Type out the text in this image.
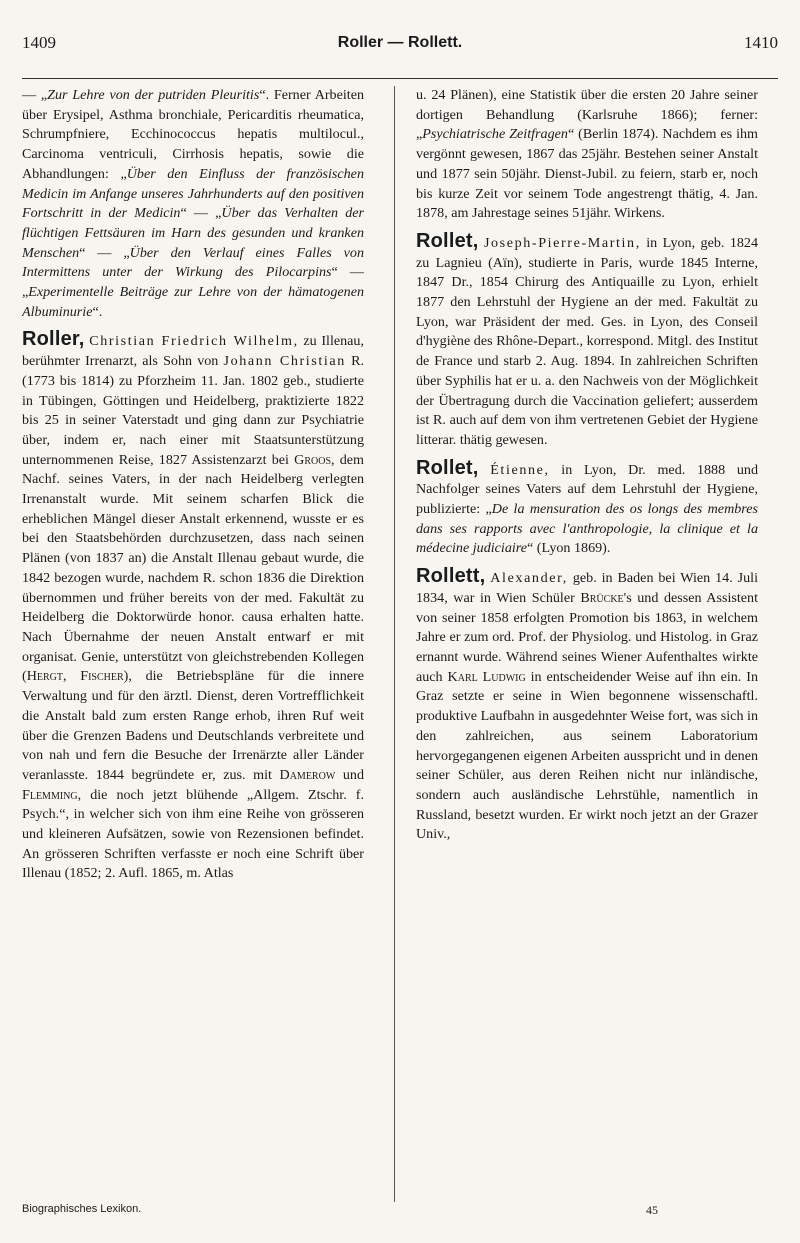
1409	Roller — Rollett.	1410

— „Zur Lehre von der putriden Pleuritis“. Ferner Arbeiten über Erysipel, Asthma bronchiale, Pericarditis rheumatica, Schrumpfniere, Ecchinococcus hepatis multilocul., Carcinoma ventriculi, Cirrhosis hepatis, sowie die Abhandlungen: „Über den Einfluss der französischen Medicin im Anfange unseres Jahrhunderts auf den positiven Fortschritt in der Medicin“ — „Über das Verhalten der flüchtigen Fettsäuren im Harn des gesunden und kranken Menschen“ — „Über den Verlauf eines Falles von Intermittens unter der Wirkung des Pilocarpins“ — „Experimentelle Beiträge zur Lehre von der hämatogenen Albuminurie“.

Roller, Christian Friedrich Wilhelm, zu Illenau, berühmter Irrenarzt, als Sohn von Johann Christian R. (1773 bis 1814) zu Pforzheim 11. Jan. 1802 geb., studierte in Tübingen, Göttingen und Heidelberg, praktizierte 1822 bis 25 in seiner Vaterstadt und ging dann zur Psychiatrie über, indem er, nach einer mit Staatsunterstützung unternommenen Reise, 1827 Assistenzarzt bei Groos, dem Nachf. seines Vaters, in der nach Heidelberg verlegten Irrenanstalt wurde. Mit seinem scharfen Blick die erheblichen Mängel dieser Anstalt erkennend, wusste er es bei den Staatsbehörden durchzusetzen, dass nach seinen Plänen (von 1837 an) die Anstalt Illenau gebaut wurde, die 1842 bezogen wurde, nachdem R. schon 1836 die Direktion übernommen und früher bereits von der med. Fakultät zu Heidelberg die Doktorwürde honor. causa erhalten hatte. Nach Übernahme der neuen Anstalt entwarf er mit organisat. Genie, unterstützt von gleichstrebenden Kollegen (Hergt, Fischer), die Betriebspläne für die innere Verwaltung und für den ärztl. Dienst, deren Vortrefflichkeit die Anstalt bald zum ersten Range erhob, ihren Ruf weit über die Grenzen Badens und Deutschlands verbreitete und von nah und fern die Besuche der Irrenärzte aller Länder veranlasste. 1844 begründete er, zus. mit Damerow und Flemming, die noch jetzt blühende „Allgem. Ztschr. f. Psych.“, in welcher sich von ihm eine Reihe von grösseren und kleineren Aufsätzen, sowie von Rezensionen befindet. An grösseren Schriften verfasste er noch eine Schrift über Illenau (1852; 2. Aufl. 1865, m. Atlas

u. 24 Plänen), eine Statistik über die ersten 20 Jahre seiner dortigen Behandlung (Karlsruhe 1866); ferner: „Psychiatrische Zeitfragen“ (Berlin 1874). Nachdem es ihm vergönnt gewesen, 1867 das 25jähr. Bestehen seiner Anstalt und 1877 sein 50jähr. Dienst-Jubil. zu feiern, starb er, noch bis kurze Zeit vor seinem Tode angestrengt thätig, 4. Jan. 1878, am Jahrestage seines 51jähr. Wirkens.

Rollet, Joseph-Pierre-Martin, in Lyon, geb. 1824 zu Lagnieu (Aïn), studierte in Paris, wurde 1845 Interne, 1847 Dr., 1854 Chirurg des Antiquaille zu Lyon, erhielt 1877 den Lehrstuhl der Hygiene an der med. Fakultät zu Lyon, war Präsident der med. Ges. in Lyon, des Conseil d'hygiène des Rhône-Depart., korrespond. Mitgl. des Institut de France und starb 2. Aug. 1894. In zahlreichen Schriften über Syphilis hat er u. a. den Nachweis von der Möglichkeit der Übertragung durch die Vaccination geliefert; ausserdem ist R. auch auf dem von ihm vertretenen Gebiet der Hygiene litterar. thätig gewesen.

Rollet, Étienne, in Lyon, Dr. med. 1888 und Nachfolger seines Vaters auf dem Lehrstuhl der Hygiene, publizierte: „De la mensuration des os longs des membres dans ses rapports avec l'anthropologie, la clinique et la médecine judiciaire“ (Lyon 1869).

Rollett, Alexander, geb. in Baden bei Wien 14. Juli 1834, war in Wien Schüler Brücke's und dessen Assistent von seiner 1858 erfolgten Promotion bis 1863, in welchem Jahre er zum ord. Prof. der Physiolog. und Histolog. in Graz ernannt wurde. Während seines Wiener Aufenthaltes wirkte auch Karl Ludwig in entscheidender Weise auf ihn ein. In Graz setzte er seine in Wien begonnene wissenschaftl. produktive Laufbahn in ausgedehnter Weise fort, was sich in den zahlreichen, aus seinem Laboratorium hervorgegangenen eigenen Arbeiten ausspricht und in denen seiner Schüler, aus deren Reihen nicht nur inländische, sondern auch ausländische Lehrstühle, namentlich in Russland, besetzt wurden. Er wirkt noch jetzt an der Grazer Univ.,

Biographisches Lexikon.	45
